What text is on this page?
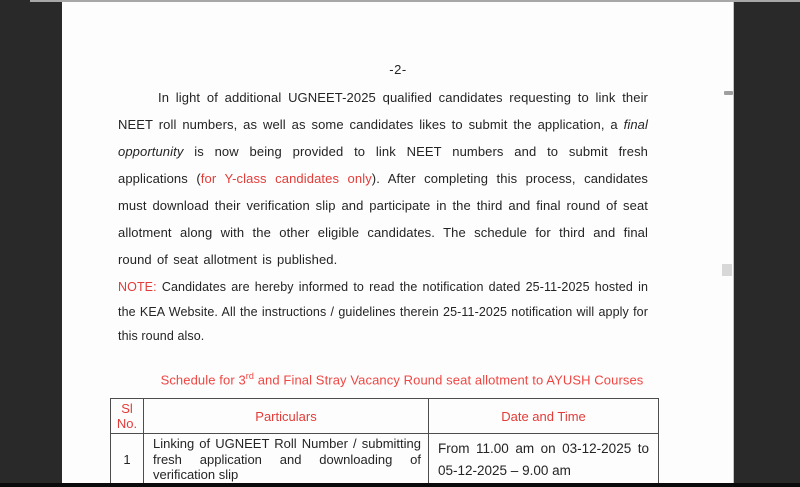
-2-

In light of additional UGNEET-2025 qualified candidates requesting to link their NEET roll numbers, as well as some candidates likes to submit the application, a final opportunity is now being provided to link NEET numbers and to submit fresh applications (for Y-class candidates only). After completing this process, candidates must download their verification slip and participate in the third and final round of seat allotment along with the other eligible candidates. The schedule for third and final round of seat allotment is published.

NOTE: Candidates are hereby informed to read the notification dated 25-11-2025 hosted in the KEA Website. All the instructions / guidelines therein 25-11-2025 notification will apply for this round also.

Schedule for 3rd and Final Stray Vacancy Round seat allotment to AYUSH Courses
Sl No.	Particulars	Date and Time
1	Linking of UGNEET Roll Number / submitting fresh application and downloading of verification slip	From 11.00 am on 03-12-2025 to 05-12-2025 – 9.00 am
